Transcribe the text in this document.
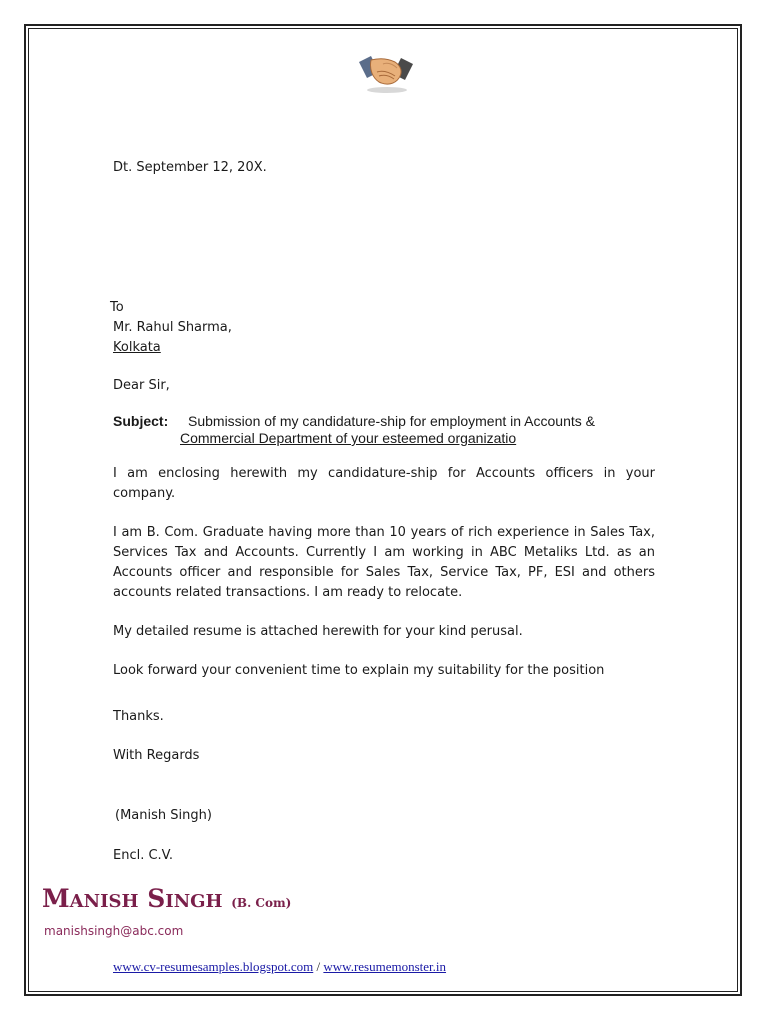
Dt. September 12, 20X.
To
Mr. Rahul Sharma,
Kolkata
Dear Sir,
Subject: Submission of my candidature-ship for employment in Accounts &
Commercial Department of your esteemed organizatio
I am enclosing herewith my candidature-ship for Accounts officers in your company.
I am B. Com. Graduate having more than 10 years of rich experience in Sales Tax, Services Tax and Accounts. Currently I am working in ABC Metaliks Ltd. as an Accounts officer and responsible for Sales Tax, Service Tax, PF, ESI and others accounts related transactions. I am ready to relocate.
My detailed resume is attached herewith for your kind perusal.
Look forward your convenient time to explain my suitability for the position
Thanks.
With Regards
(Manish Singh)
Encl. C.V.
Manish Singh (B. Com)
manishsingh@abc.com
www.cv-resumesamples.blogspot.com / www.resumemonster.in
